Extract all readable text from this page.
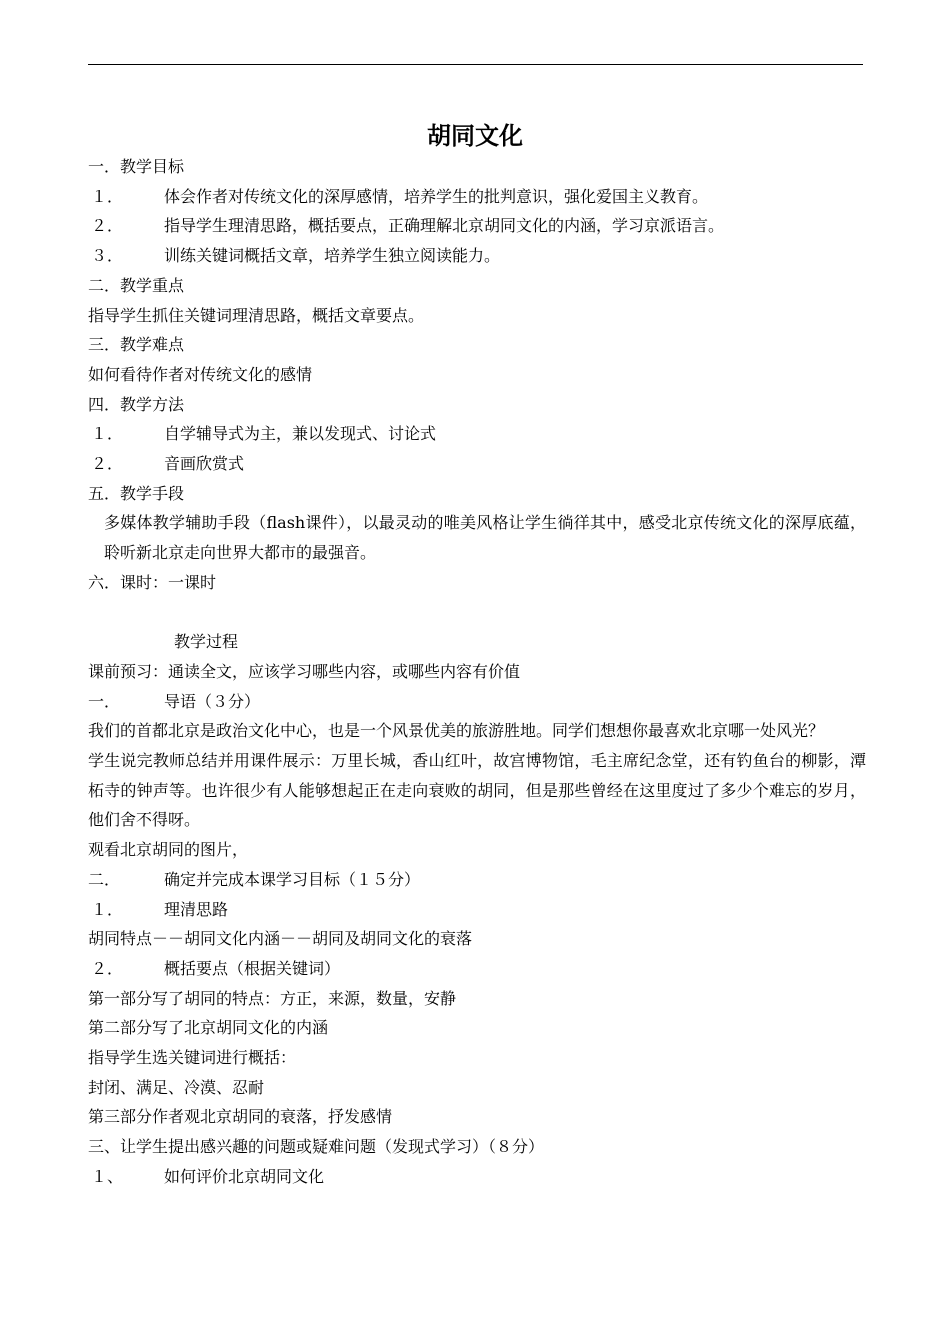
胡同文化
一．教学目标
１．	体会作者对传统文化的深厚感情，培养学生的批判意识，强化爱国主义教育。
２．	指导学生理清思路，概括要点，正确理解北京胡同文化的内涵，学习京派语言。
３．	训练关键词概括文章，培养学生独立阅读能力。
二．教学重点
指导学生抓住关键词理清思路，概括文章要点。
三．教学难点
如何看待作者对传统文化的感情
四．教学方法
１．	自学辅导式为主，兼以发现式、讨论式
２．	音画欣赏式
五．教学手段
多媒体教学辅助手段（flash课件），以最灵动的唯美风格让学生徜徉其中，感受北京传统文化的深厚底蕴，聆听新北京走向世界大都市的最强音。
六．课时：一课时
教学过程
课前预习：通读全文，应该学习哪些内容，或哪些内容有价值
一．	导语（３分）
我们的首都北京是政治文化中心，也是一个风景优美的旅游胜地。同学们想想你最喜欢北京哪一处风光？
学生说完教师总结并用课件展示：万里长城，香山红叶，故宫博物馆，毛主席纪念堂，还有钓鱼台的柳影，潭柘寺的钟声等。也许很少有人能够想起正在走向衰败的胡同，但是那些曾经在这里度过了多少个难忘的岁月，他们舍不得呀。
观看北京胡同的图片，
二．	确定并完成本课学习目标（１５分）
１．	理清思路
胡同特点－－胡同文化内涵－－胡同及胡同文化的衰落
２．	概括要点（根据关键词）
第一部分写了胡同的特点：方正，来源，数量，安静
第二部分写了北京胡同文化的内涵
指导学生选关键词进行概括：
封闭、满足、冷漠、忍耐
第三部分作者观北京胡同的衰落，抒发感情
三、让学生提出感兴趣的问题或疑难问题（发现式学习）（８分）
１、	如何评价北京胡同文化
